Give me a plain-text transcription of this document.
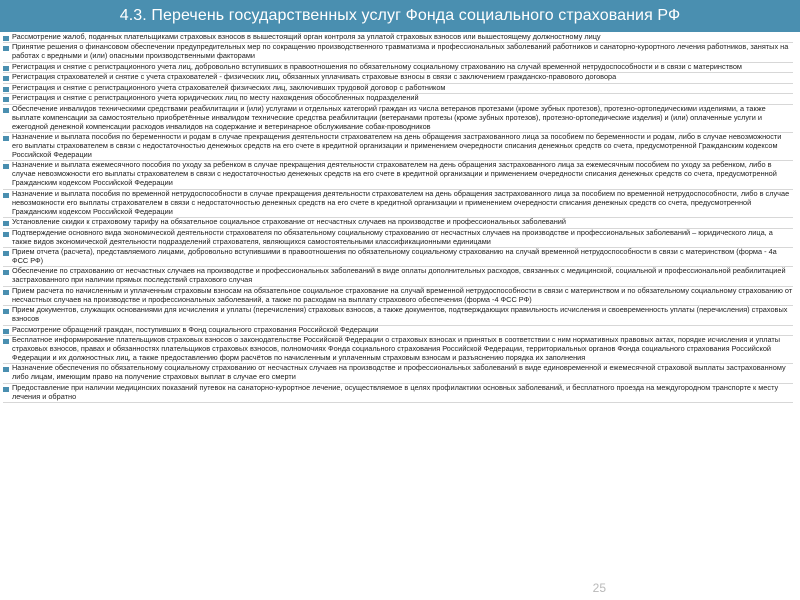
4.3. Перечень государственных услуг Фонда социального страхования РФ
Рассмотрение жалоб, поданных плательщиками страховых взносов в вышестоящий орган контроля за уплатой страховых взносов или вышестоящему должностному лицу
Принятие решения о финансовом обеспечении предупредительных мер по сокращению производственного травматизма и профессиональных заболеваний работников и санаторно-курортного лечения работников, занятых на работах с вредными и (или) опасными производственными факторами
Регистрация и снятие с регистрационного учета лиц, добровольно вступивших в правоотношения по обязательному социальному страхованию на случай временной нетрудоспособности и в связи с материнством
Регистрация страхователей и снятие с учета страхователей - физических лиц, обязанных уплачивать страховые взносы в связи с заключением гражданско-правового договора
Регистрация и снятие с регистрационного учета страхователей физических лиц, заключивших трудовой договор с работником
Регистрация и снятие с регистрационного учета юридических лиц по месту нахождения обособленных подразделений
Обеспечение инвалидов техническими средствами реабилитации и (или) услугами и отдельных категорий граждан из числа ветеранов протезами (кроме зубных протезов), протезно-ортопедическими изделиями, а также выплате компенсации за самостоятельно приобретённые инвалидом технические средства реабилитации (ветеранами протезы (кроме зубных протезов), протезно-ортопедические изделия) и (или) оплаченные услуги и ежегодной денежной компенсации расходов инвалидов на содержание и ветеринарное обслуживание собак-проводников
Назначение и выплата пособия по беременности и родам в случае прекращения деятельности страхователем на день обращения застрахованного лица за пособием по беременности и родам, либо в случае невозможности его выплаты страхователем в связи с недостаточностью денежных средств на его счете в кредитной организации и применением очередности списания денежных средств со счета, предусмотренной Гражданским кодексом Российской Федерации
Назначение и выплата ежемесячного пособия по уходу за ребенком в случае прекращения деятельности страхователем на день обращения застрахованного лица за ежемесячным пособием по уходу за ребенком, либо в случае невозможности его выплаты страхователем в связи с недостаточностью денежных средств на его счете в кредитной организации и применением очередности списания денежных средств со счета, предусмотренной Гражданским кодексом Российской Федерации
Назначение и выплата пособия по временной нетрудоспособности в случае прекращения деятельности страхователем на день обращения застрахованного лица за пособием по временной нетрудоспособности, либо в случае невозможности его выплаты страхователем в связи с недостаточностью денежных средств на его счете в кредитной организации и применением очередности списания денежных средств со счета, предусмотренной Гражданским кодексом Российской Федерации
Установление скидки к страховому тарифу на обязательное социальное страхование от несчастных случаев на производстве и профессиональных заболеваний
Подтверждение основного вида экономической деятельности страхователя по обязательному социальному страхованию от несчастных случаев на производстве и профессиональных заболеваний – юридического лица, а также видов экономической деятельности подразделений страхователя, являющихся самостоятельными классификационными единицами
Прием отчета (расчета), представляемого лицами, добровольно вступившими в правоотношения по обязательному социальному страхованию на случай временной нетрудоспособности в связи с материнством (форма - 4а ФСС РФ)
Обеспечение по страхованию от несчастных случаев на производстве и профессиональных заболеваний в виде оплаты дополнительных расходов, связанных с медицинской, социальной и профессиональной реабилитацией застрахованного при наличии прямых последствий страхового случая
Прием расчета по начисленным и уплаченным страховым взносам на обязательное социальное страхование на случай временной нетрудоспособности в связи с материнством и по обязательному социальному страхованию от несчастных случаев на производстве и профессиональных заболеваний, а также по расходам на выплату страхового обеспечения (форма -4 ФСС РФ)
Прием документов, служащих основаниями для исчисления и уплаты (перечисления) страховых взносов, а также документов, подтверждающих правильность исчисления и своевременность уплаты (перечисления) страховых взносов
Рассмотрение обращений граждан, поступивших в Фонд социального страхования Российской Федерации
Бесплатное информирование плательщиков страховых взносов о законодательстве Российской Федерации о страховых взносах и принятых в соответствии с ним нормативных правовых актах, порядке исчисления и уплаты страховых взносов, правах и обязанностях плательщиков страховых взносов, полномочиях Фонда социального страхования Российской Федерации, территориальных органов Фонда социального страхования Российской Федерации и их должностных лиц, а также предоставлению форм расчётов по начисленным и уплаченным страховым взносам и разъяснению порядка их заполнения
Назначение обеспечения по обязательному социальному страхованию от несчастных случаев на производстве и профессиональных заболеваний в виде единовременной и ежемесячной страховой выплаты застрахованному либо лицам, имеющим право на получение страховых выплат в случае его смерти
Предоставление при наличии медицинских показаний путевок на санаторно-курортное лечение, осуществляемое в целях профилактики основных заболеваний, и бесплатного проезда на междугородном транспорте к месту лечения и обратно
25
